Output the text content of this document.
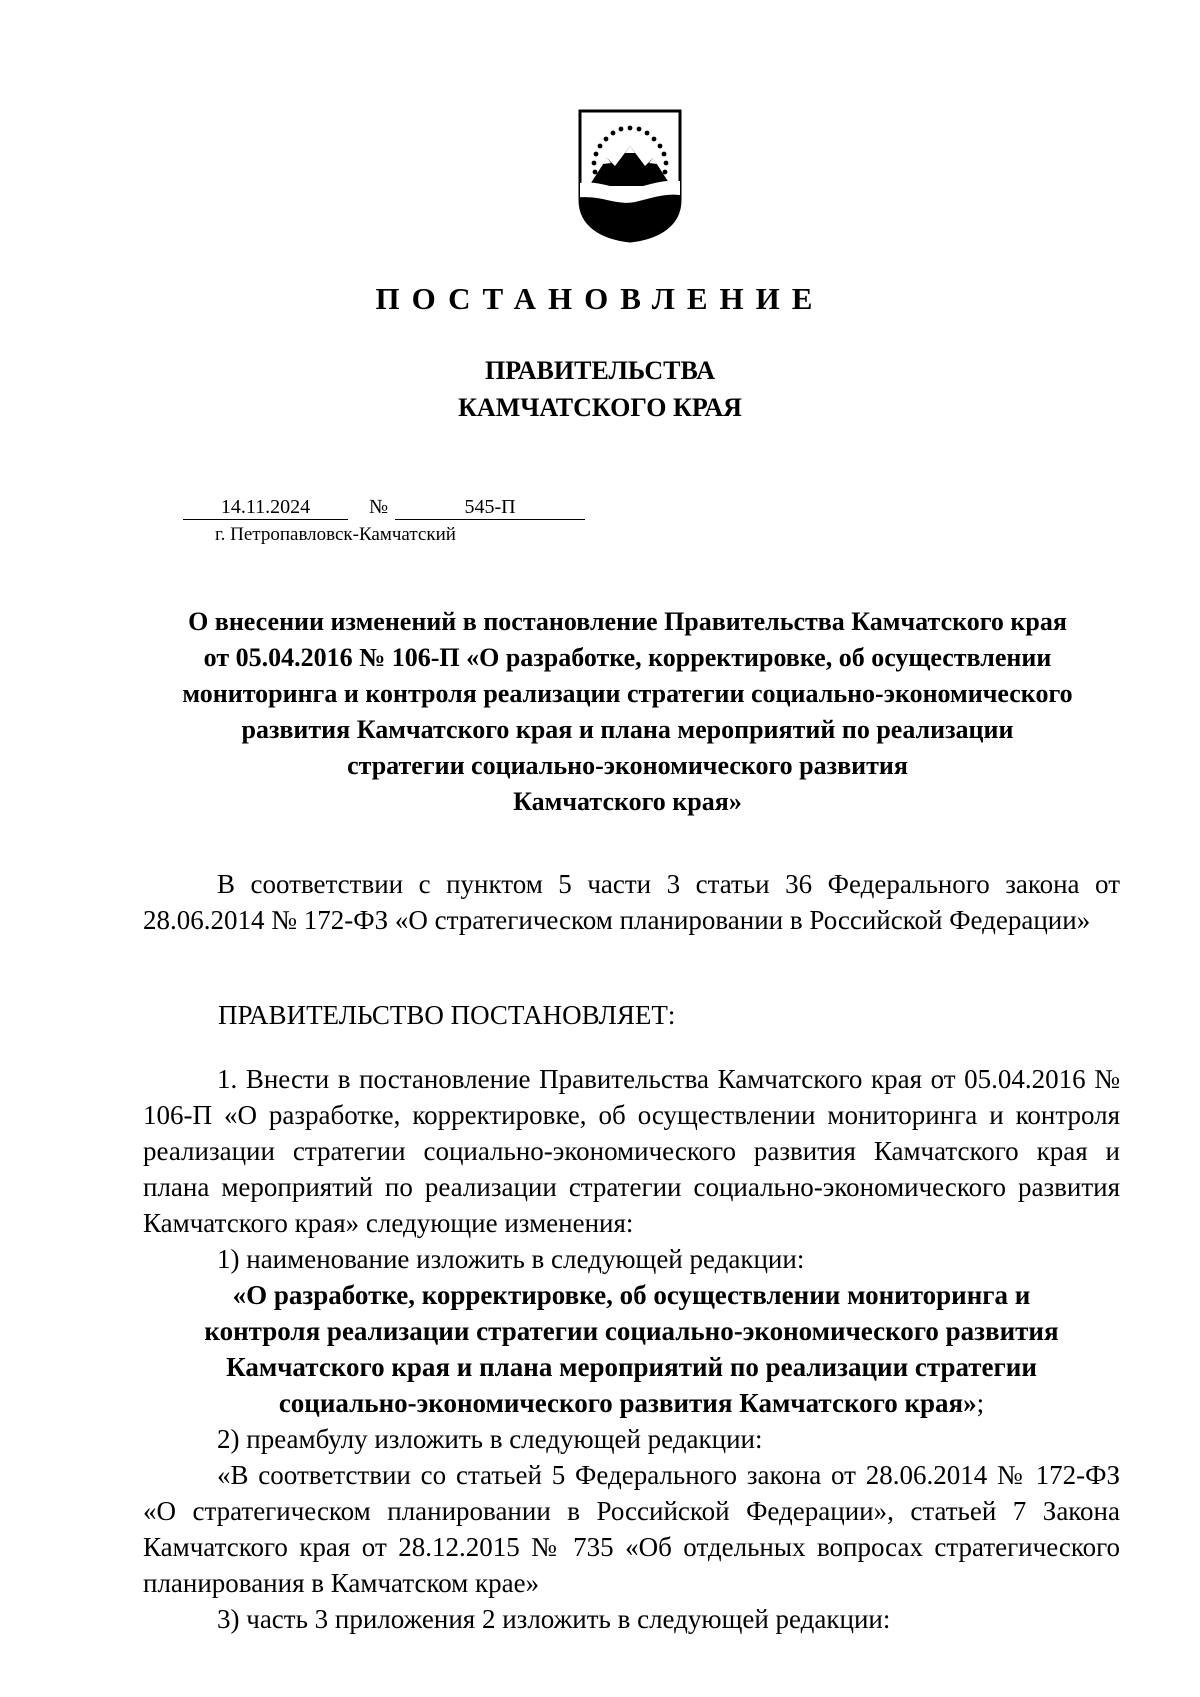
ПОСТАНОВЛЕНИЕ
ПРАВИТЕЛЬСТВА
КАМЧАТСКОГО КРАЯ
14.11.2024	№	545-П
г. Петропавловск-Камчатский
О внесении изменений в постановление Правительства Камчатского края
от 05.04.2016 № 106-П «О разработке, корректировке, об осуществлении
мониторинга и контроля реализации стратегии социально-экономического
развития Камчатского края и плана мероприятий по реализации
стратегии социально-экономического развития
Камчатского края»
В соответствии с пунктом 5 части 3 статьи 36 Федерального закона от 28.06.2014 № 172-ФЗ «О стратегическом планировании в Российской Федерации»
ПРАВИТЕЛЬСТВО ПОСТАНОВЛЯЕТ:
1. Внести в постановление Правительства Камчатского края от 05.04.2016 № 106-П «О разработке, корректировке, об осуществлении мониторинга и контроля реализации стратегии социально-экономического развития Камчатского края и плана мероприятий по реализации стратегии социально-экономического развития Камчатского края» следующие изменения:
1) наименование изложить в следующей редакции:
«О разработке, корректировке, об осуществлении мониторинга и
контроля реализации стратегии социально-экономического развития
Камчатского края и плана мероприятий по реализации стратегии
социально-экономического развития Камчатского края»;
2) преамбулу изложить в следующей редакции:
«В соответствии со статьей 5 Федерального закона от 28.06.2014 № 172-ФЗ «О стратегическом планировании в Российской Федерации», статьей 7 Закона Камчатского края от 28.12.2015 № 735 «Об отдельных вопросах стратегического планирования в Камчатском крае»
3) часть 3 приложения 2 изложить в следующей редакции:
